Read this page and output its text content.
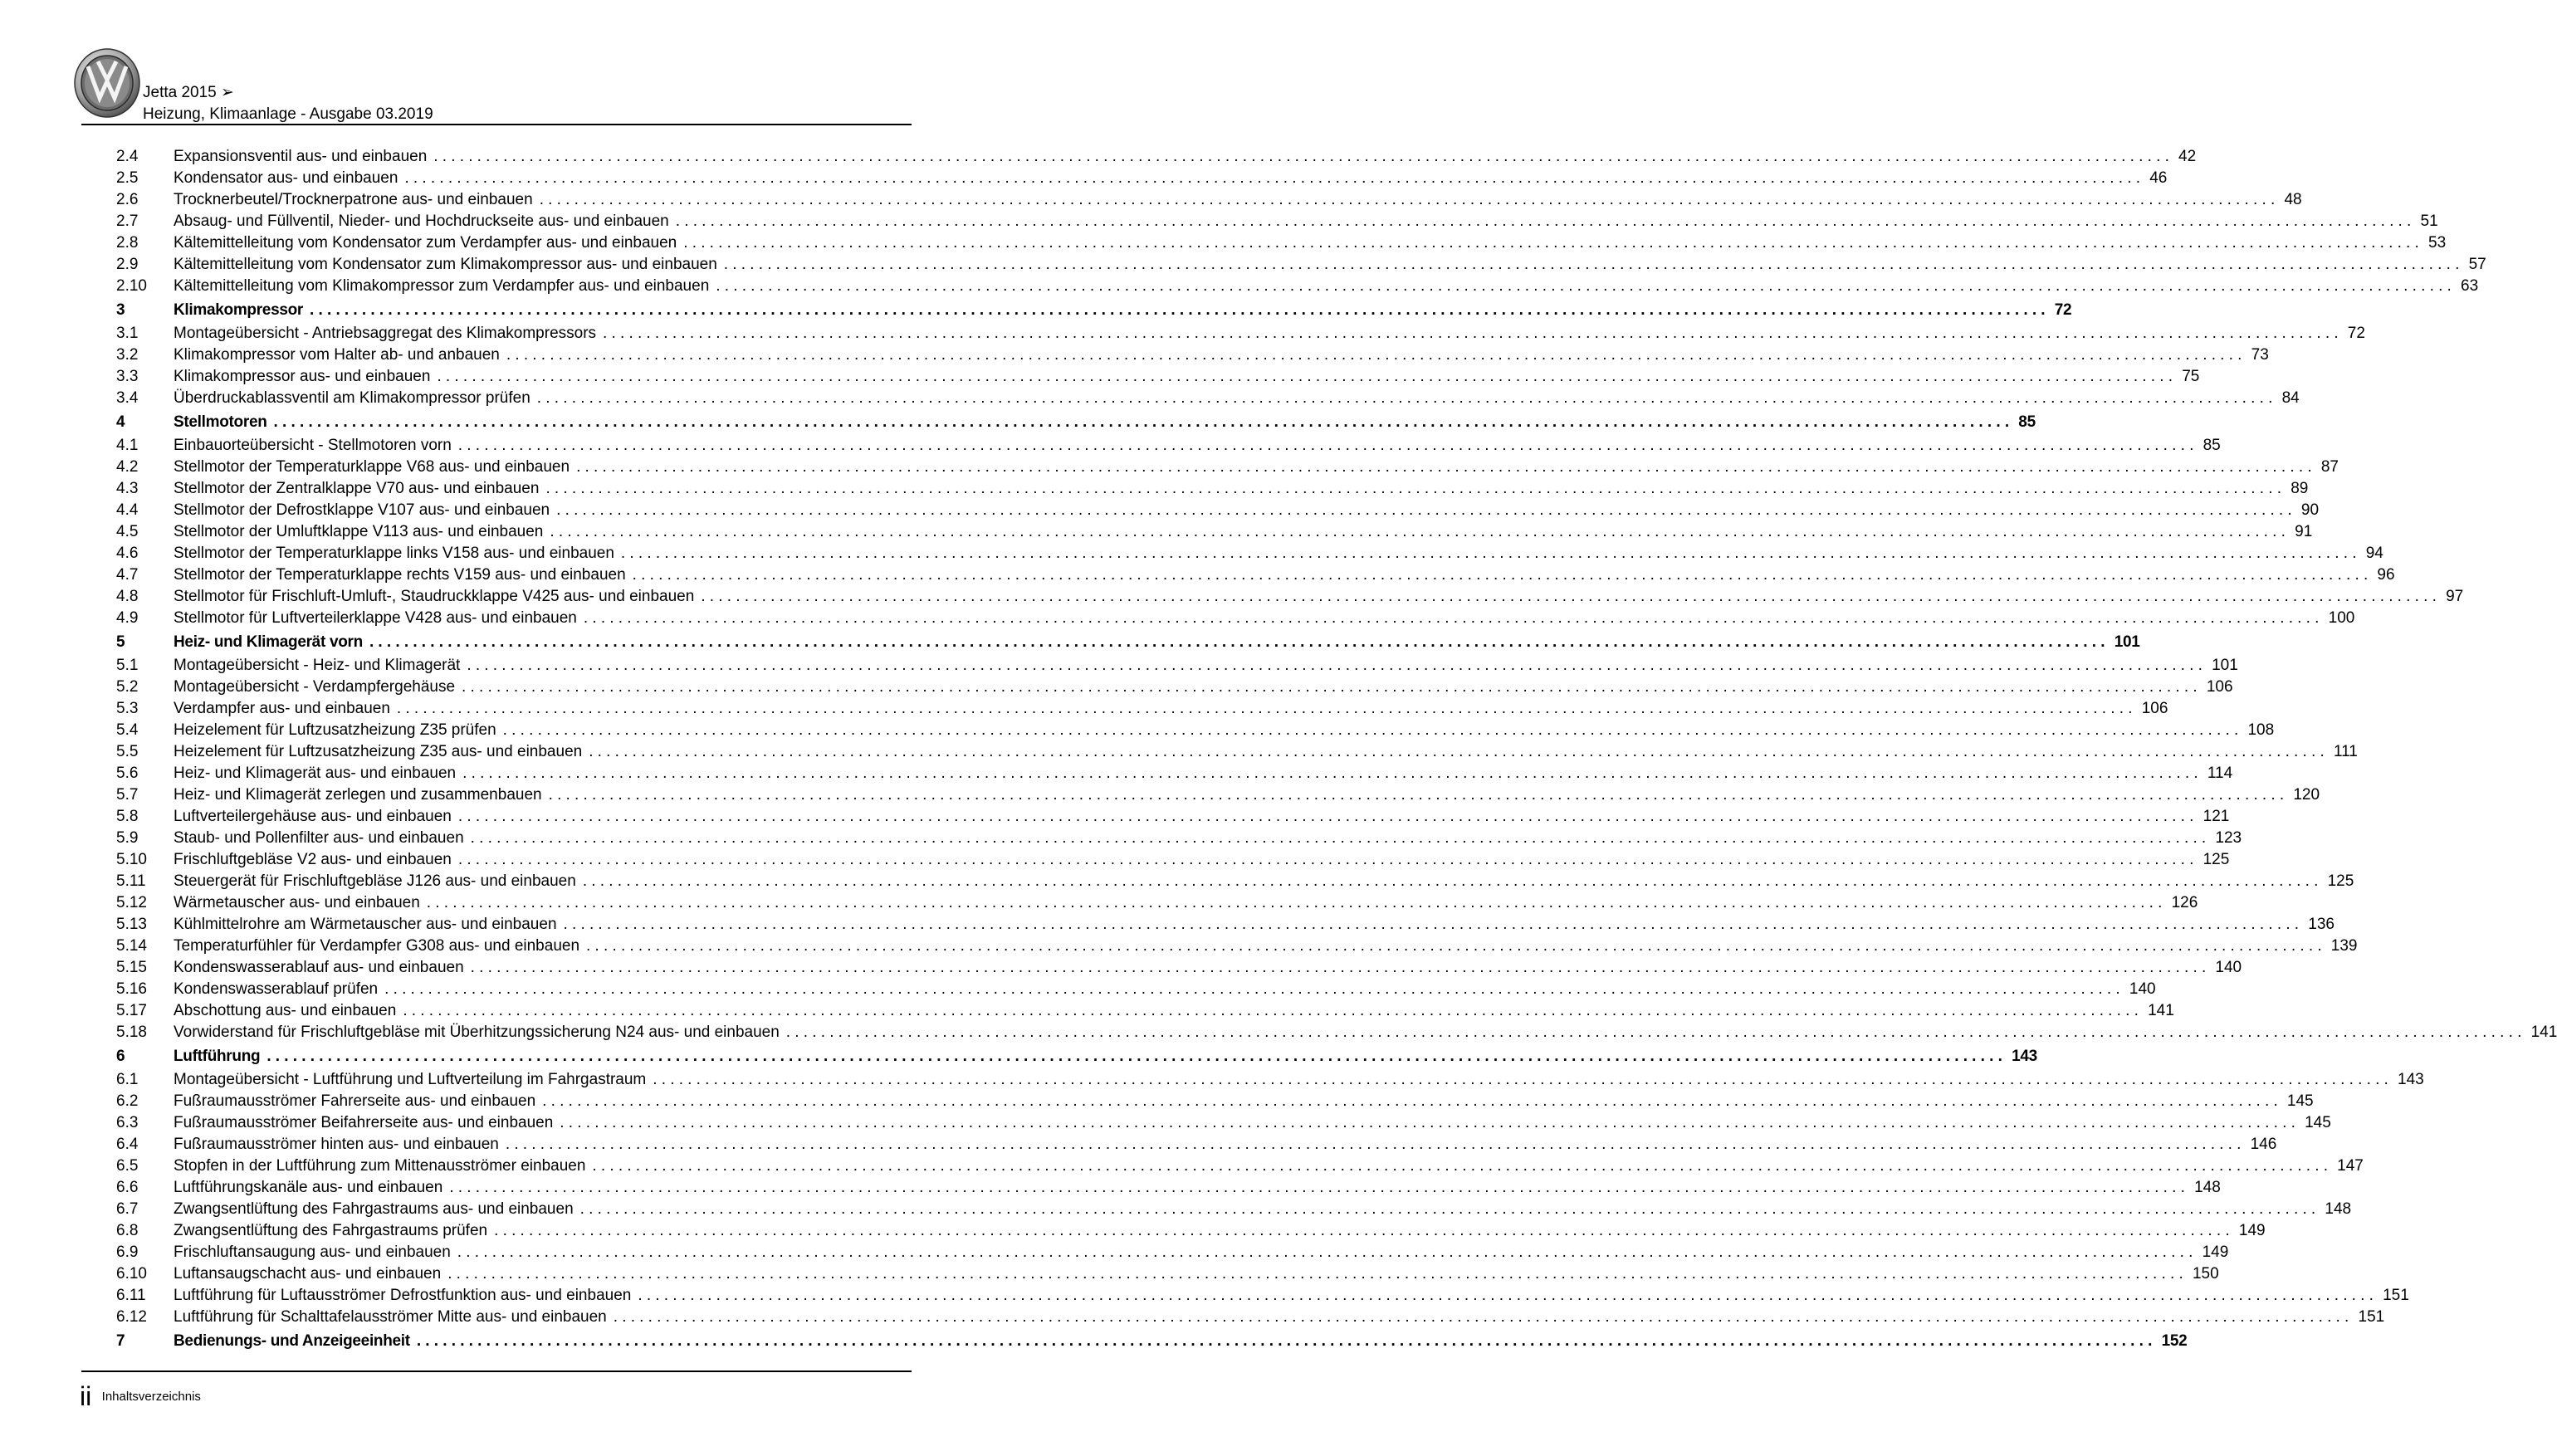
Jetta 2015 ➢
Heizung, Klimaanlage - Ausgabe 03.2019
2.4 Expansionsventil aus- und einbauen ........................................................................................................................................................................................................ 42
2.5 Kondensator aus- und einbauen ........................................................................................................................................................................................................ 46
2.6 Trocknerbeutel/Trocknerpatrone aus- und einbauen ........................................................................................................................................................................................................ 48
2.7 Absaug- und Füllventil, Nieder- und Hochdruckseite aus- und einbauen ........................................................................................................................................................................................................ 51
2.8 Kältemittelleitung vom Kondensator zum Verdampfer aus- und einbauen ........................................................................................................................................................................................................ 53
2.9 Kältemittelleitung vom Kondensator zum Klimakompressor aus- und einbauen ........................................................................................................................................................................................................ 57
2.10 Kältemittelleitung vom Klimakompressor zum Verdampfer aus- und einbauen ........................................................................................................................................................................................................ 63
3	Klimakompressor ........................................................................................................................................................................................................ 72
3.1 Montageübersicht - Antriebsaggregat des Klimakompressors ........................................................................................................................................................................................................ 72
3.2 Klimakompressor vom Halter ab- und anbauen ........................................................................................................................................................................................................ 73
3.3 Klimakompressor aus- und einbauen ........................................................................................................................................................................................................ 75
3.4 Überdruckablassventil am Klimakompressor prüfen ........................................................................................................................................................................................................ 84
4	Stellmotoren ........................................................................................................................................................................................................ 85
4.1 Einbauorteübersicht - Stellmotoren vorn ........................................................................................................................................................................................................ 85
4.2 Stellmotor der Temperaturklappe V68 aus- und einbauen ........................................................................................................................................................................................................ 87
4.3 Stellmotor der Zentralklappe V70 aus- und einbauen ........................................................................................................................................................................................................ 89
4.4 Stellmotor der Defrostklappe V107 aus- und einbauen ........................................................................................................................................................................................................ 90
4.5 Stellmotor der Umluftklappe V113 aus- und einbauen ........................................................................................................................................................................................................ 91
4.6 Stellmotor der Temperaturklappe links V158 aus- und einbauen ........................................................................................................................................................................................................ 94
4.7 Stellmotor der Temperaturklappe rechts V159 aus- und einbauen ........................................................................................................................................................................................................ 96
4.8 Stellmotor für Frischluft-Umluft-, Staudruckklappe V425 aus- und einbauen ........................................................................................................................................................................................................ 97
4.9 Stellmotor für Luftverteilerklappe V428 aus- und einbauen ........................................................................................................................................................................................................ 100
5	Heiz- und Klimagerät vorn ........................................................................................................................................................................................................ 101
5.1 Montageübersicht - Heiz- und Klimagerät ........................................................................................................................................................................................................ 101
5.2 Montageübersicht - Verdampfergehäuse ........................................................................................................................................................................................................ 106
5.3 Verdampfer aus- und einbauen ........................................................................................................................................................................................................ 106
5.4 Heizelement für Luftzusatzheizung Z35 prüfen ........................................................................................................................................................................................................ 108
5.5 Heizelement für Luftzusatzheizung Z35 aus- und einbauen ........................................................................................................................................................................................................ 111
5.6 Heiz- und Klimagerät aus- und einbauen ........................................................................................................................................................................................................ 114
5.7 Heiz- und Klimagerät zerlegen und zusammenbauen ........................................................................................................................................................................................................ 120
5.8 Luftverteilergehäuse aus- und einbauen ........................................................................................................................................................................................................ 121
5.9 Staub- und Pollenfilter aus- und einbauen ........................................................................................................................................................................................................ 123
5.10 Frischluftgebläse V2 aus- und einbauen ........................................................................................................................................................................................................ 125
5.11 Steuergerät für Frischluftgebläse J126 aus- und einbauen ........................................................................................................................................................................................................ 125
5.12 Wärmetauscher aus- und einbauen ........................................................................................................................................................................................................ 126
5.13 Kühlmittelrohre am Wärmetauscher aus- und einbauen ........................................................................................................................................................................................................ 136
5.14 Temperaturfühler für Verdampfer G308 aus- und einbauen ........................................................................................................................................................................................................ 139
5.15 Kondenswasserablauf aus- und einbauen ........................................................................................................................................................................................................ 140
5.16 Kondenswasserablauf prüfen ........................................................................................................................................................................................................ 140
5.17 Abschottung aus- und einbauen ........................................................................................................................................................................................................ 141
5.18 Vorwiderstand für Frischluftgebläse mit Überhitzungssicherung N24 aus- und einbauen ........................................................................................................................................................................................................ 141
6	Luftführung ........................................................................................................................................................................................................ 143
6.1 Montageübersicht - Luftführung und Luftverteilung im Fahrgastraum ........................................................................................................................................................................................................ 143
6.2 Fußraumausströmer Fahrerseite aus- und einbauen ........................................................................................................................................................................................................ 145
6.3 Fußraumausströmer Beifahrerseite aus- und einbauen ........................................................................................................................................................................................................ 145
6.4 Fußraumausströmer hinten aus- und einbauen ........................................................................................................................................................................................................ 146
6.5 Stopfen in der Luftführung zum Mittenausströmer einbauen ........................................................................................................................................................................................................ 147
6.6 Luftführungskanäle aus- und einbauen ........................................................................................................................................................................................................ 148
6.7 Zwangsentlüftung des Fahrgastraums aus- und einbauen ........................................................................................................................................................................................................ 148
6.8 Zwangsentlüftung des Fahrgastraums prüfen ........................................................................................................................................................................................................ 149
6.9 Frischluftansaugung aus- und einbauen ........................................................................................................................................................................................................ 149
6.10 Luftansaugschacht aus- und einbauen ........................................................................................................................................................................................................ 150
6.11 Luftführung für Luftausströmer Defrostfunktion aus- und einbauen ........................................................................................................................................................................................................ 151
6.12 Luftführung für Schalttafelausströmer Mitte aus- und einbauen ........................................................................................................................................................................................................ 151
7	Bedienungs- und Anzeigeeinheit ........................................................................................................................................................................................................ 152
ii Inhaltsverzeichnis
